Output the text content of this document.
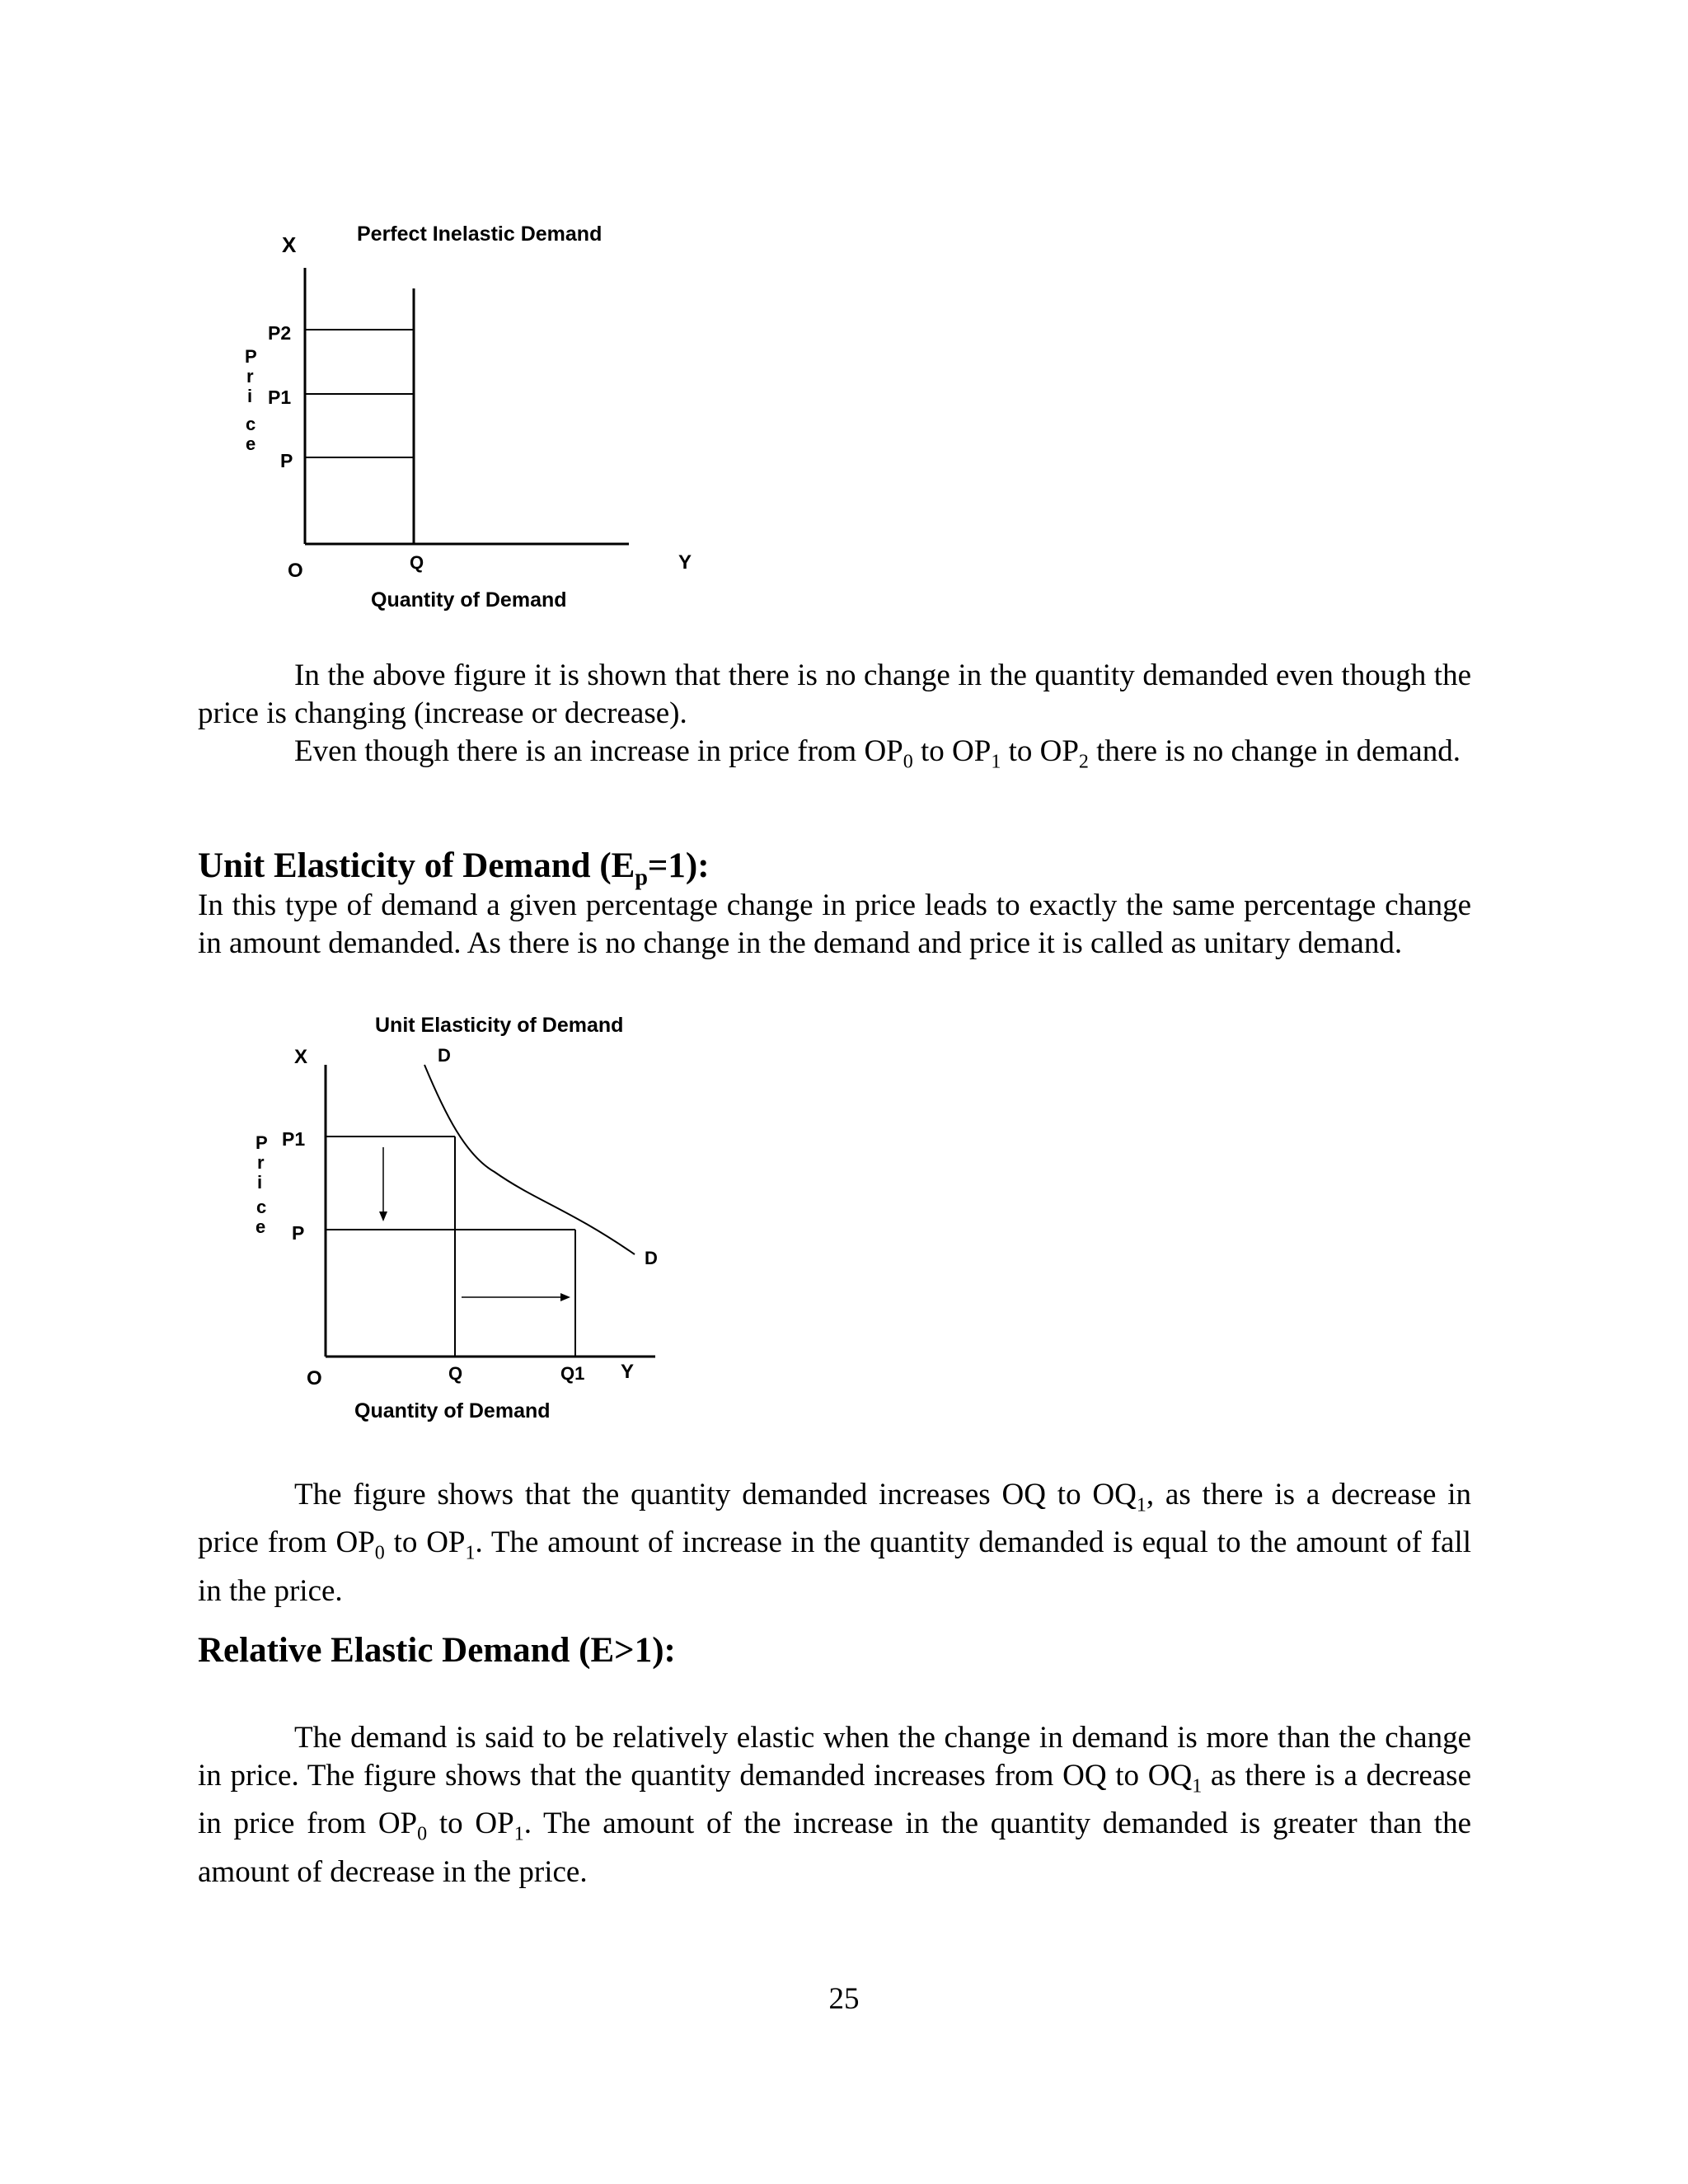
Perfect Inelastic Demand
X
P
r
i
c
e
P2
P1
P
O	Q	Y
Quantity of Demand

In the above figure it is shown that there is no change in the quantity demanded even though the price is changing (increase or decrease).

Even though there is an increase in price from $OP_0$ to $OP_1$ to $OP_2$ there is no change in demand.

Unit Elasticity of Demand $(E_p=1)$:

In this type of demand a given percentage change in price leads to exactly the same percentage change in amount demanded. As there is no change in the demand and price it is called as unitary demand.

Unit Elasticity of Demand
X	D
P
r
i
c
e
P1
P
D
O	Q	Q1 Y
Quantity of Demand

The figure shows that the quantity demanded increases OQ to $OQ_1$, as there is a decrease in price from $OP_0$ to $OP_1$. The amount of increase in the quantity demanded is equal to the amount of fall in the price.

Relative Elastic Demand (E>1):

The demand is said to be relatively elastic when the change in demand is more than the change in price. The figure shows that the quantity demanded increases from OQ to $OQ_1$ as there is a decrease in price from $OP_0$ to $OP_1$. The amount of the increase in the quantity demanded is greater than the amount of decrease in the price.

25
